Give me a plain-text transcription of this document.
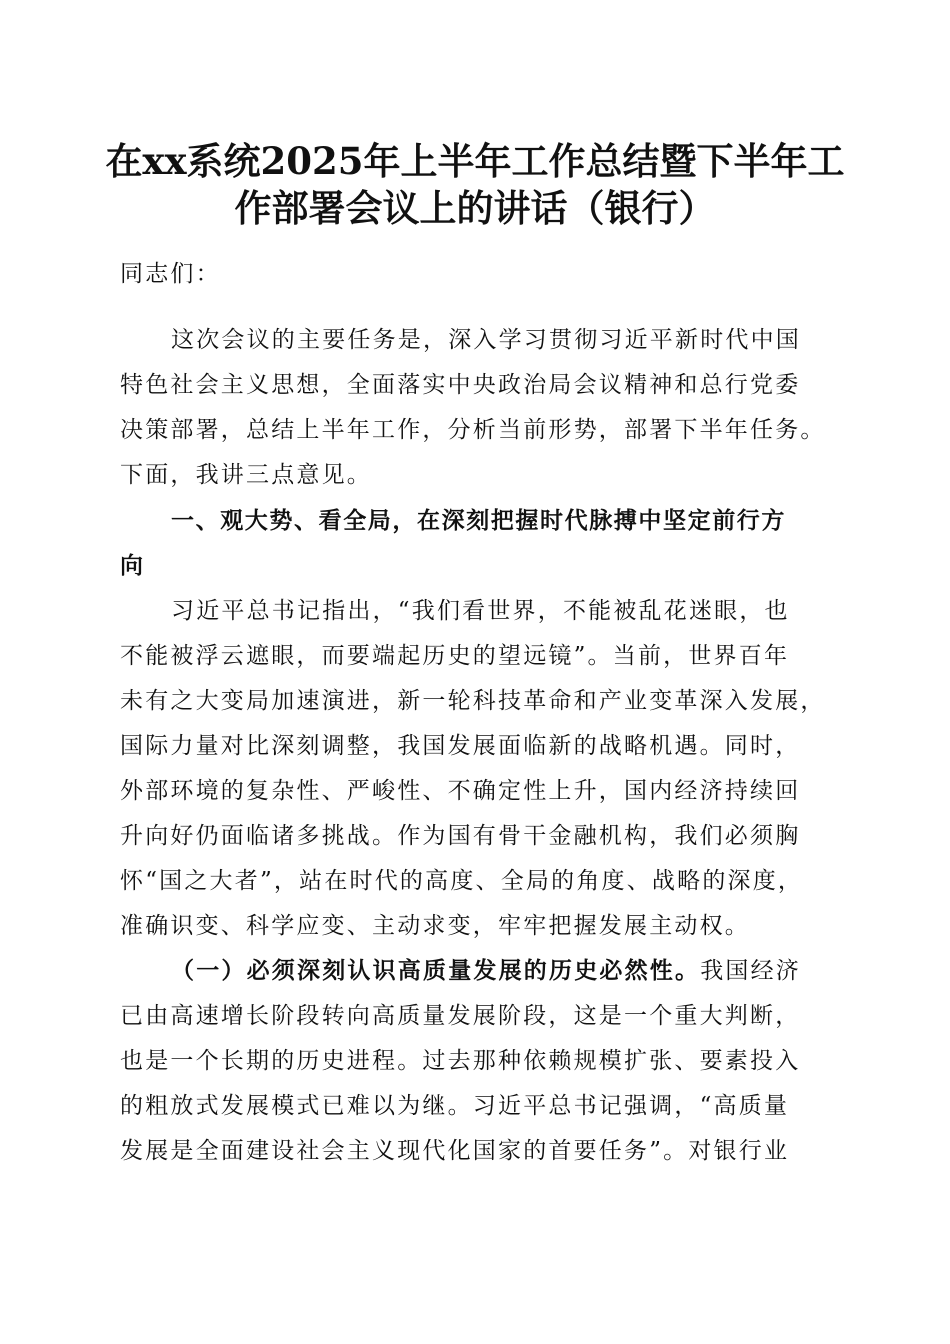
在xx系统2025年上半年工作总结暨下半年工
作部署会议上的讲话（银行）

同志们：

这次会议的主要任务是，深入学习贯彻习近平新时代中国

特色社会主义思想，全面落实中央政治局会议精神和总行党委

决策部署，总结上半年工作，分析当前形势，部署下半年任务。

下面，我讲三点意见。

一、观大势、看全局，在深刻把握时代脉搏中坚定前行方

向

习近平总书记指出，“我们看世界，不能被乱花迷眼，也

不能被浮云遮眼，而要端起历史的望远镜”。当前，世界百年

未有之大变局加速演进，新一轮科技革命和产业变革深入发展，

国际力量对比深刻调整，我国发展面临新的战略机遇。同时，

外部环境的复杂性、严峻性、不确定性上升，国内经济持续回

升向好仍面临诸多挑战。作为国有骨干金融机构，我们必须胸

怀“国之大者”，站在时代的高度、全局的角度、战略的深度，

准确识变、科学应变、主动求变，牢牢把握发展主动权。

（一）必须深刻认识高质量发展的历史必然性。我国经济

已由高速增长阶段转向高质量发展阶段，这是一个重大判断，

也是一个长期的历史进程。过去那种依赖规模扩张、要素投入

的粗放式发展模式已难以为继。习近平总书记强调，“高质量

发展是全面建设社会主义现代化国家的首要任务”。对银行业
